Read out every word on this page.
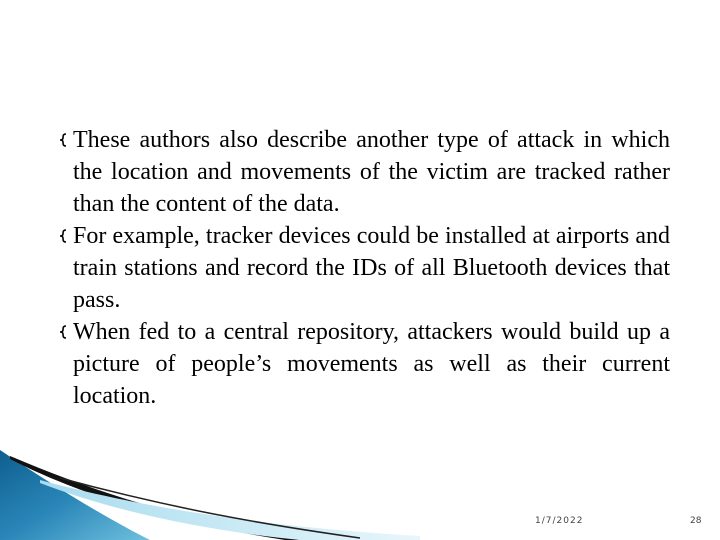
These authors also describe another type of attack in which the location and movements of the victim are tracked rather than the content of the data.
For example, tracker devices could be installed at airports and train stations and record the IDs of all Bluetooth devices that pass.
When fed to a central repository, attackers would build up a picture of people’s movements as well as their current location.
1/7/2022	28
